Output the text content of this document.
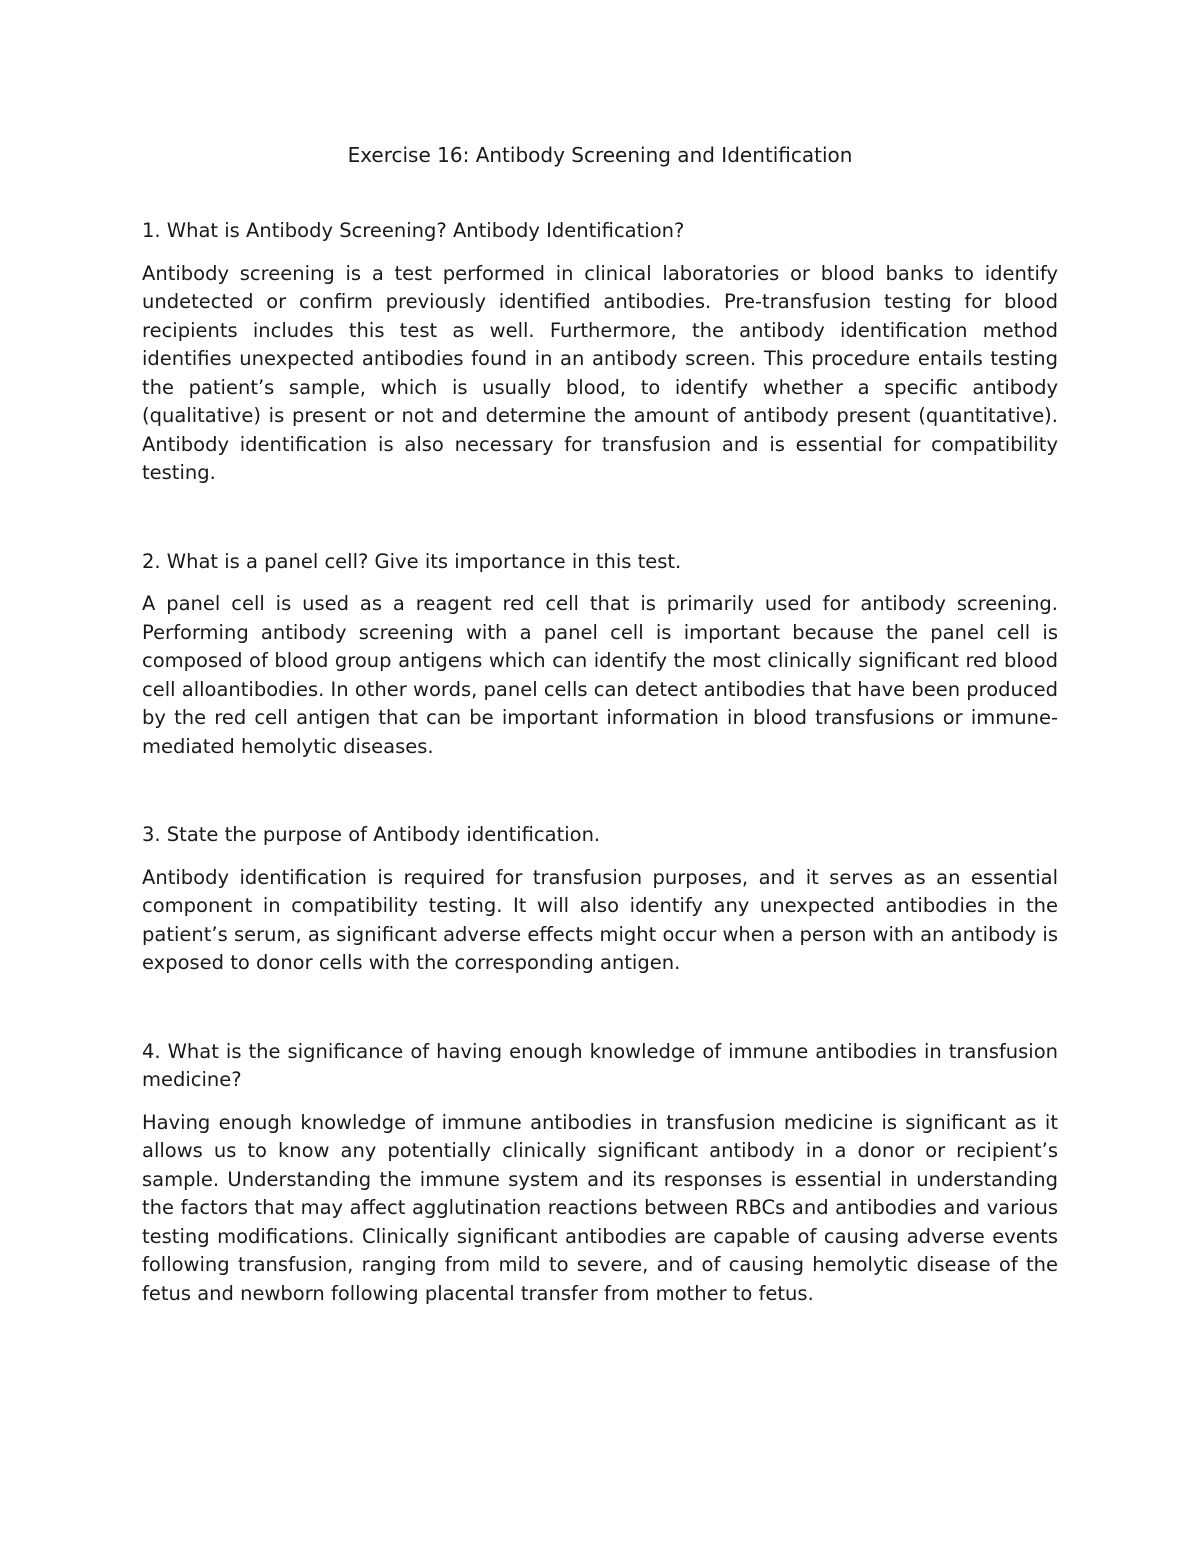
Exercise 16: Antibody Screening and Identification

1. What is Antibody Screening? Antibody Identification?

Antibody screening is a test performed in clinical laboratories or blood banks to identify undetected or confirm previously identified antibodies. Pre-transfusion testing for blood recipients includes this test as well. Furthermore, the antibody identification method identifies unexpected antibodies found in an antibody screen. This procedure entails testing the patient’s sample, which is usually blood, to identify whether a specific antibody (qualitative) is present or not and determine the amount of antibody present (quantitative). Antibody identification is also necessary for transfusion and is essential for compatibility testing.

2. What is a panel cell? Give its importance in this test.

A panel cell is used as a reagent red cell that is primarily used for antibody screening. Performing antibody screening with a panel cell is important because the panel cell is composed of blood group antigens which can identify the most clinically significant red blood cell alloantibodies. In other words, panel cells can detect antibodies that have been produced by the red cell antigen that can be important information in blood transfusions or immune-mediated hemolytic diseases.

3. State the purpose of Antibody identification.

Antibody identification is required for transfusion purposes, and it serves as an essential component in compatibility testing. It will also identify any unexpected antibodies in the patient’s serum, as significant adverse effects might occur when a person with an antibody is exposed to donor cells with the corresponding antigen.

4. What is the significance of having enough knowledge of immune antibodies in transfusion medicine?

Having enough knowledge of immune antibodies in transfusion medicine is significant as it allows us to know any potentially clinically significant antibody in a donor or recipient’s sample. Understanding the immune system and its responses is essential in understanding the factors that may affect agglutination reactions between RBCs and antibodies and various testing modifications. Clinically significant antibodies are capable of causing adverse events following transfusion, ranging from mild to severe, and of causing hemolytic disease of the fetus and newborn following placental transfer from mother to fetus.
